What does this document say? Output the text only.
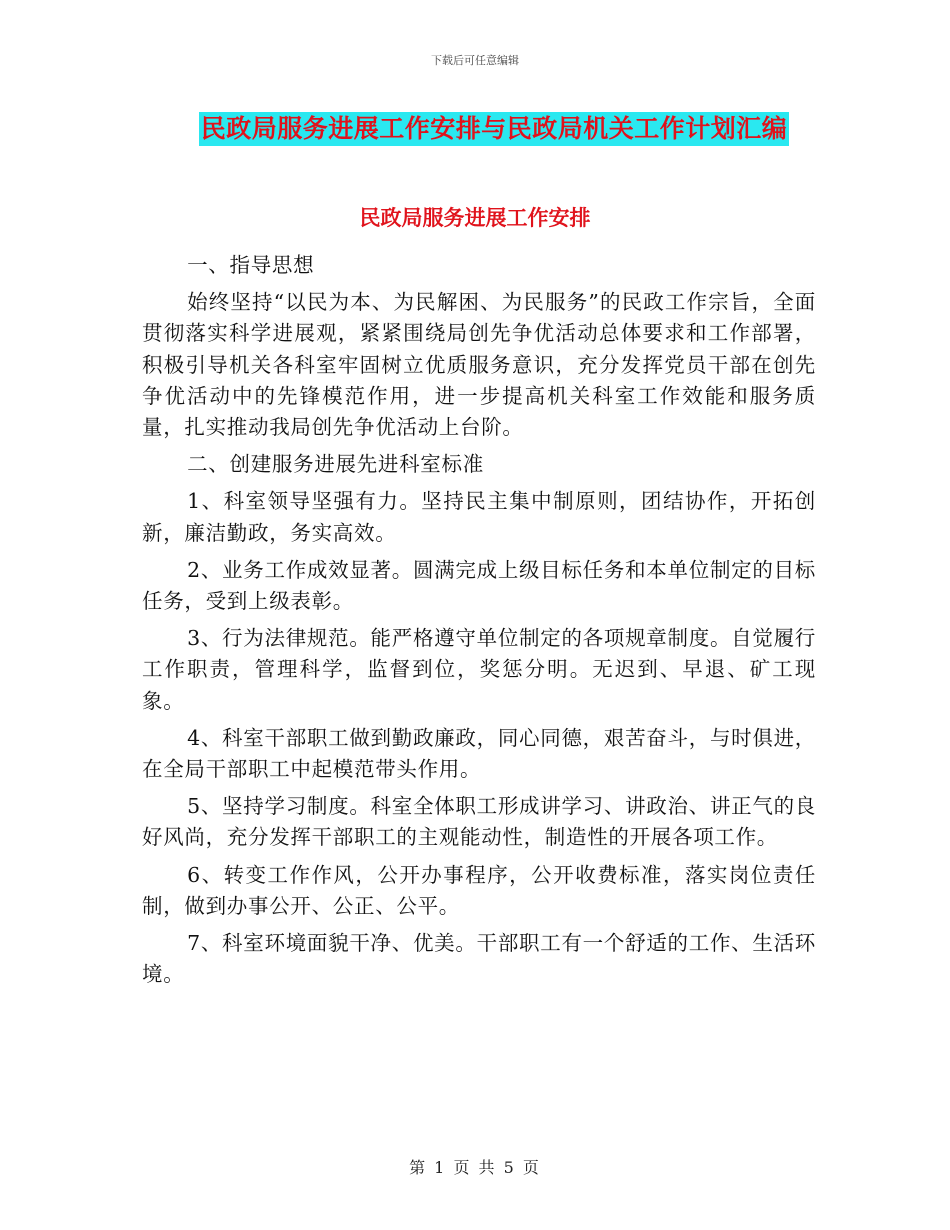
下载后可任意编辑
民政局服务进展工作安排与民政局机关工作计划汇编
民政局服务进展工作安排

一、指导思想

始终坚持“以民为本、为民解困、为民服务”的民政工作宗旨，全面贯彻落实科学进展观，紧紧围绕局创先争优活动总体要求和工作部署，积极引导机关各科室牢固树立优质服务意识，充分发挥党员干部在创先争优活动中的先锋模范作用，进一步提高机关科室工作效能和服务质量，扎实推动我局创先争优活动上台阶。

二、创建服务进展先进科室标准

1、科室领导坚强有力。坚持民主集中制原则，团结协作，开拓创新，廉洁勤政，务实高效。

2、业务工作成效显著。圆满完成上级目标任务和本单位制定的目标任务，受到上级表彰。

3、行为法律规范。能严格遵守单位制定的各项规章制度。自觉履行工作职责，管理科学，监督到位，奖惩分明。无迟到、早退、矿工现象。

4、科室干部职工做到勤政廉政，同心同德，艰苦奋斗，与时俱进，在全局干部职工中起模范带头作用。

5、坚持学习制度。科室全体职工形成讲学习、讲政治、讲正气的良好风尚，充分发挥干部职工的主观能动性，制造性的开展各项工作。

6、转变工作作风，公开办事程序，公开收费标准，落实岗位责任制，做到办事公开、公正、公平。

7、科室环境面貌干净、优美。干部职工有一个舒适的工作、生活环境。

第 1 页 共 5 页
